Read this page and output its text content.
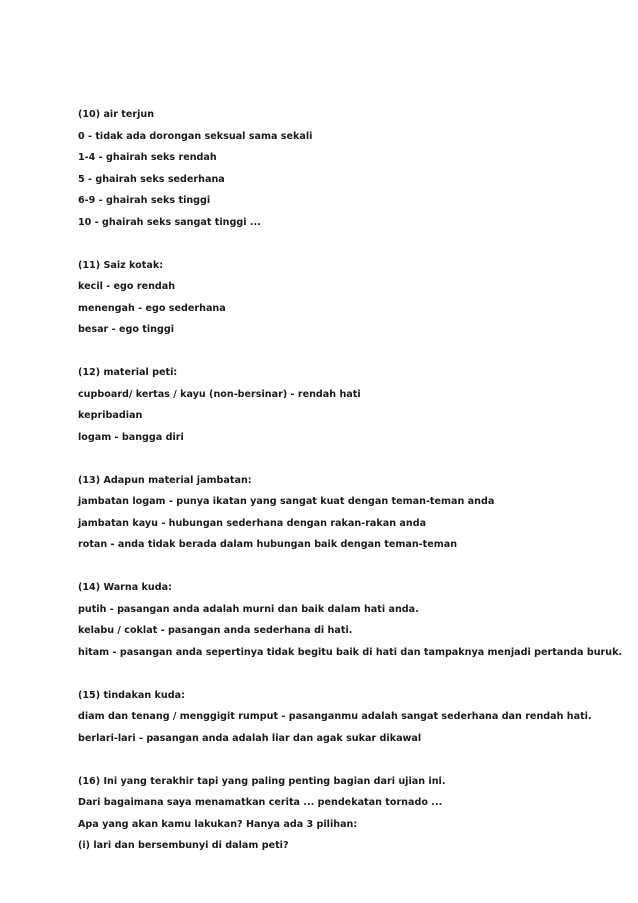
(10) air terjun
0 - tidak ada dorongan seksual sama sekali
1-4 - ghairah seks rendah
5 - ghairah seks sederhana
6-9 - ghairah seks tinggi
10 - ghairah seks sangat tinggi ...
(11) Saiz kotak:
kecil - ego rendah
menengah - ego sederhana
besar - ego tinggi
(12) material peti:
cupboard/ kertas / kayu (non-bersinar) - rendah hati
kepribadian
logam - bangga diri
(13) Adapun material jambatan:
jambatan logam - punya ikatan yang sangat kuat dengan teman-teman anda
jambatan kayu - hubungan sederhana dengan rakan-rakan anda
rotan - anda tidak berada dalam hubungan baik dengan teman-teman
(14) Warna kuda:
putih - pasangan anda adalah murni dan baik dalam hati anda.
kelabu / coklat - pasangan anda sederhana di hati.
hitam - pasangan anda sepertinya tidak begitu baik di hati dan tampaknya menjadi pertanda buruk.
(15) tindakan kuda:
diam dan tenang / menggigit rumput - pasanganmu adalah sangat sederhana dan rendah hati.
berlari-lari - pasangan anda adalah liar dan agak sukar dikawal
(16) Ini yang terakhir tapi yang paling penting bagian dari ujian ini.
Dari bagaimana saya menamatkan cerita ... pendekatan tornado ...
Apa yang akan kamu lakukan? Hanya ada 3 pilihan:
(i) lari dan bersembunyi di dalam peti?
